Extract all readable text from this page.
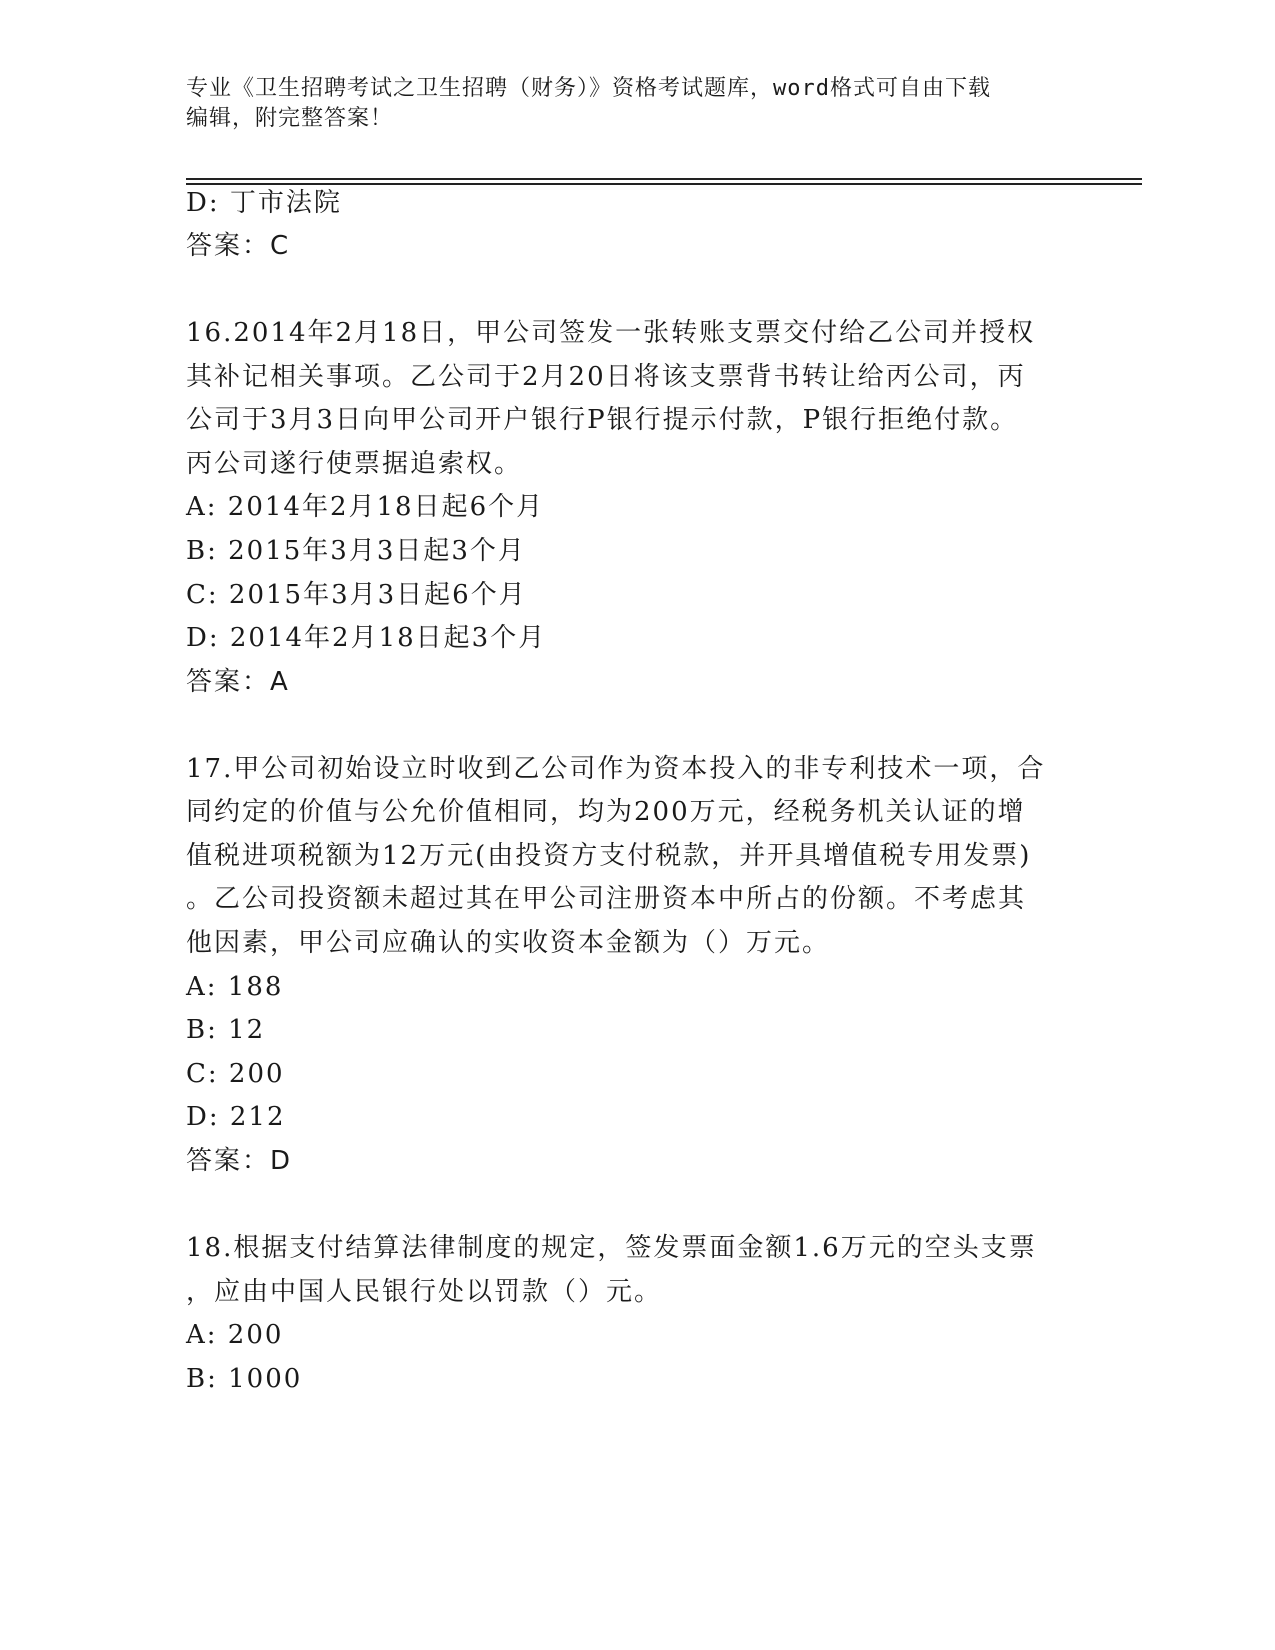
专业《卫生招聘考试之卫生招聘（财务）》资格考试题库，word格式可自由下载
编辑，附完整答案！
D: 丁市法院
答案：C
16.2014年2月18日，甲公司签发一张转账支票交付给乙公司并授权
其补记相关事项。乙公司于2月20日将该支票背书转让给丙公司，丙
公司于3月3日向甲公司开户银行P银行提示付款，P银行拒绝付款。
丙公司遂行使票据追索权。
A: 2014年2月18日起6个月
B: 2015年3月3日起3个月
C: 2015年3月3日起6个月
D: 2014年2月18日起3个月
答案：A
17.甲公司初始设立时收到乙公司作为资本投入的非专利技术一项，合
同约定的价值与公允价值相同，均为200万元，经税务机关认证的增
值税进项税额为12万元(由投资方支付税款，并开具增值税专用发票)
。乙公司投资额未超过其在甲公司注册资本中所占的份额。不考虑其
他因素，甲公司应确认的实收资本金额为（）万元。
A: 188
B: 12
C: 200
D: 212
答案：D
18.根据支付结算法律制度的规定，签发票面金额1.6万元的空头支票
，应由中国人民银行处以罚款（）元。
A: 200
B: 1000
